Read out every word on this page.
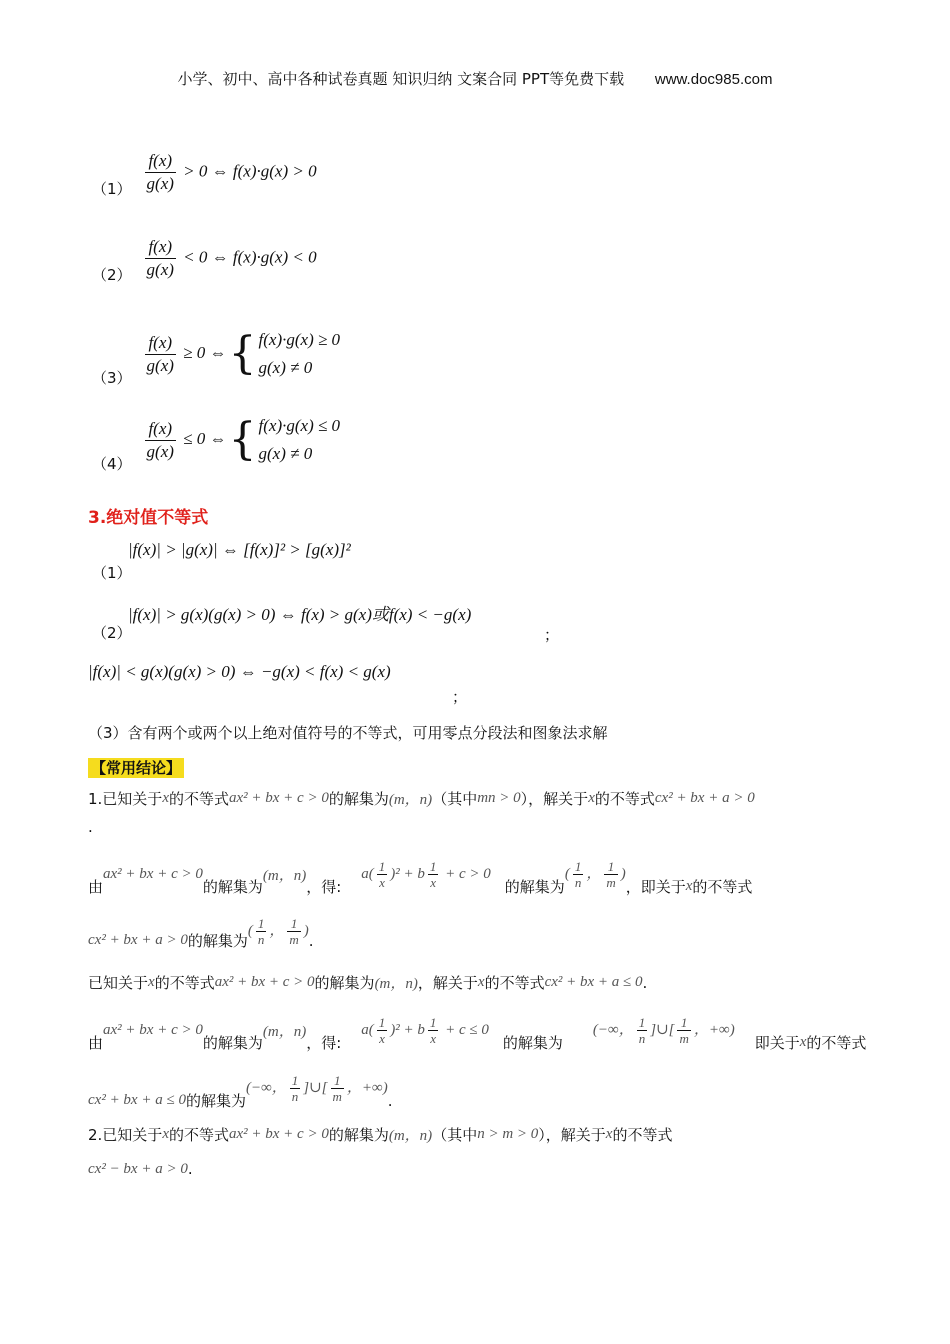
小学、初中、高中各种试卷真题 知识归纳 文案合同 PPT等免费下载 www.doc985.com
$(1) \frac{f(x)}{g(x)} > 0$ ⇔ f(x)·g(x) > 0
$(2) \frac{f(x)}{g(x)} < 0$ ⇔ f(x)·g(x) < 0
（3）
$\frac{f(x)}{g(x)} \ge 0$ ⇔{ f(x)·g(x) ≥ 0
g(x) ≠ 0
（4）
$\frac{f(x)}{g(x)} \le 0$ ⇔{ f(x)·g(x) ≤ 0
g(x) ≠ 0
3.绝对值不等式
（1）
|f(x)| > |g(x)| ⇔ [f(x)]² > [g(x)]²
（2）
|f(x)| > g(x)(g(x) > 0) ⇔ f(x) > g(x)或f(x) < −g(x)
；
|f(x)| < g(x)(g(x) > 0) ⇔ −g(x) < f(x) < g(x)
；
（3）含有两个或两个以上绝对值符号的不等式，可用零点分段法和图象法求解
【常用结论】
1.已知关于 x 的不等式 ax² + bx + c > 0 的解集为 (m，n) （其中 mn > 0 ），解关于 x 的不等式 cx² + bx + a > 0
.
由
ax² + bx + c > 0
的解集为
(m，n)
，得:
$a( \frac{1}{x} )^2 + b \frac{1}{x} + c > 0$
的解集为
( $\frac{1}{n}$ ， $\frac{1}{m}$ )
，即关于 x 的不等式
cx² + bx + a > 0 的解集为
( $\frac{1}{n}$ ， $\frac{1}{m}$ )
.
已知关于 x 的不等式 ax² + bx + c > 0 的解集为 (m，n) ，解关于 x 的不等式 cx² + bx + a ≤ 0 .
由
ax² + bx + c > 0
的解集为
(m，n)
，得:
$a( \frac{1}{x} )^2 + b \frac{1}{x} + c \le 0$
的解集为
(−∞， $\frac{1}{n}$ ]∪[ $\frac{1}{m}$ ，+∞)
即关于 x 的不等式
cx² + bx + a ≤ 0 的解集为
(−∞， $\frac{1}{n}$ ]∪[ $\frac{1}{m}$ ，+∞)
.
2.已知关于 x 的不等式 ax² + bx + c > 0 的解集为 (m，n) （其中 n > m > 0 ），解关于 x 的不等式
cx² − bx + a > 0 .
